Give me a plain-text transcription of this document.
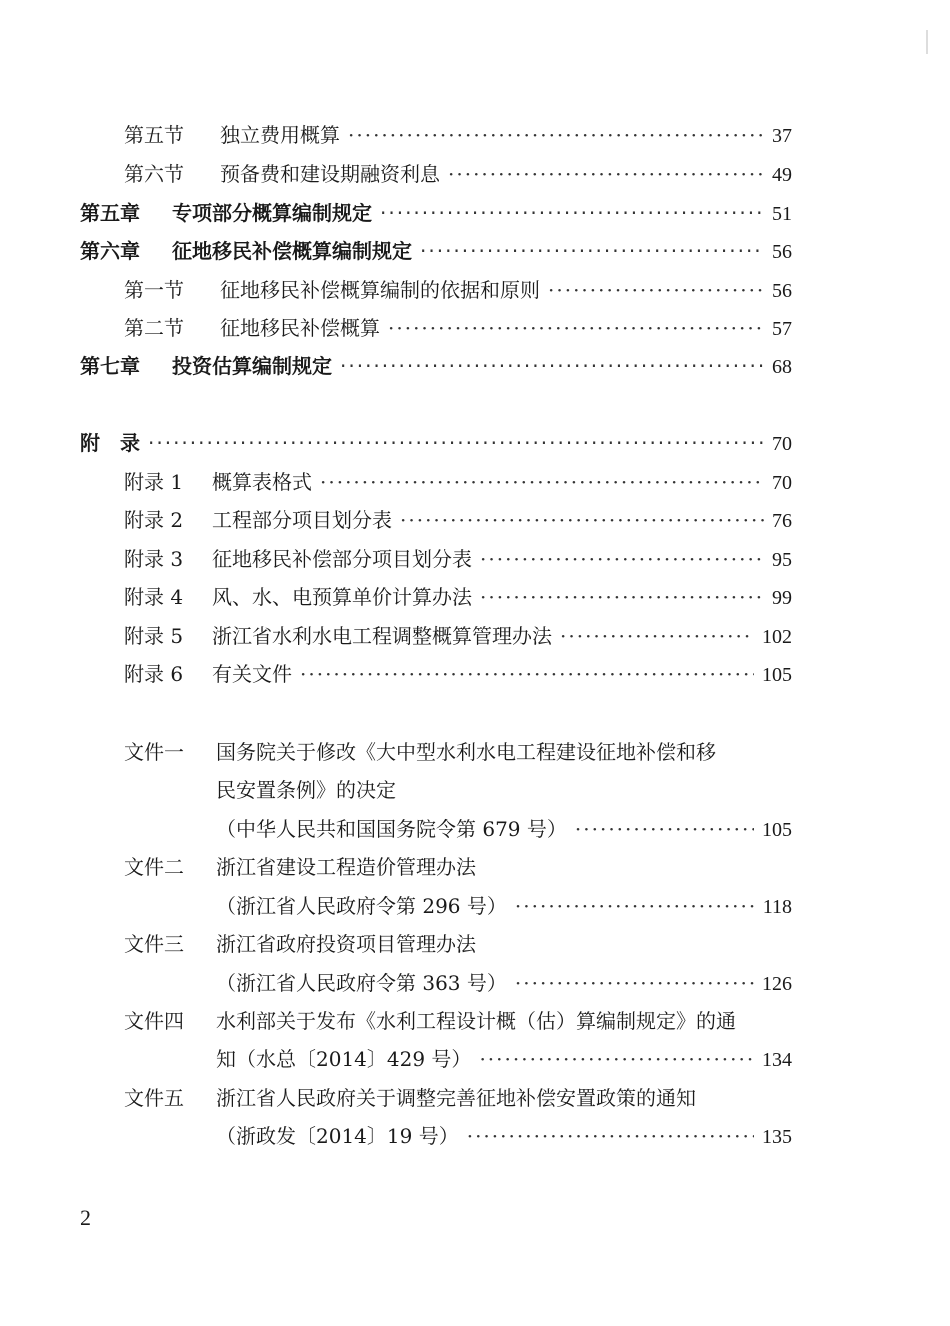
第五节	独立费用概算 ·····	37
第六节	预备费和建设期融资利息 ·····	49
第五章	专项部分概算编制规定 ·····	51
第六章	征地移民补偿概算编制规定 ·····	56
第一节	征地移民补偿概算编制的依据和原则 ·····	56
第二节	征地移民补偿概算 ·····	57
第七章	投资估算编制规定 ·····	68
附　录 ·····	70
附录 1	概算表格式 ·····	70
附录 2	工程部分项目划分表 ·····	76
附录 3	征地移民补偿部分项目划分表 ·····	95
附录 4	风、水、电预算单价计算办法 ·····	99
附录 5	浙江省水利水电工程调整概算管理办法 ·····	102
附录 6	有关文件 ·····	105
文件一 国务院关于修改《大中型水利水电工程建设征地补偿和移
民安置条例》的决定
（中华人民共和国国务院令第 679 号） ·····	105
文件二 浙江省建设工程造价管理办法
（浙江省人民政府令第 296 号） ·····	118
文件三 浙江省政府投资项目管理办法
（浙江省人民政府令第 363 号） ·····	126
文件四 水利部关于发布《水利工程设计概（估）算编制规定》的通
知（水总〔2014〕429 号） ·····	134
文件五 浙江省人民政府关于调整完善征地补偿安置政策的通知
（浙政发〔2014〕19 号） ·····	135
2
